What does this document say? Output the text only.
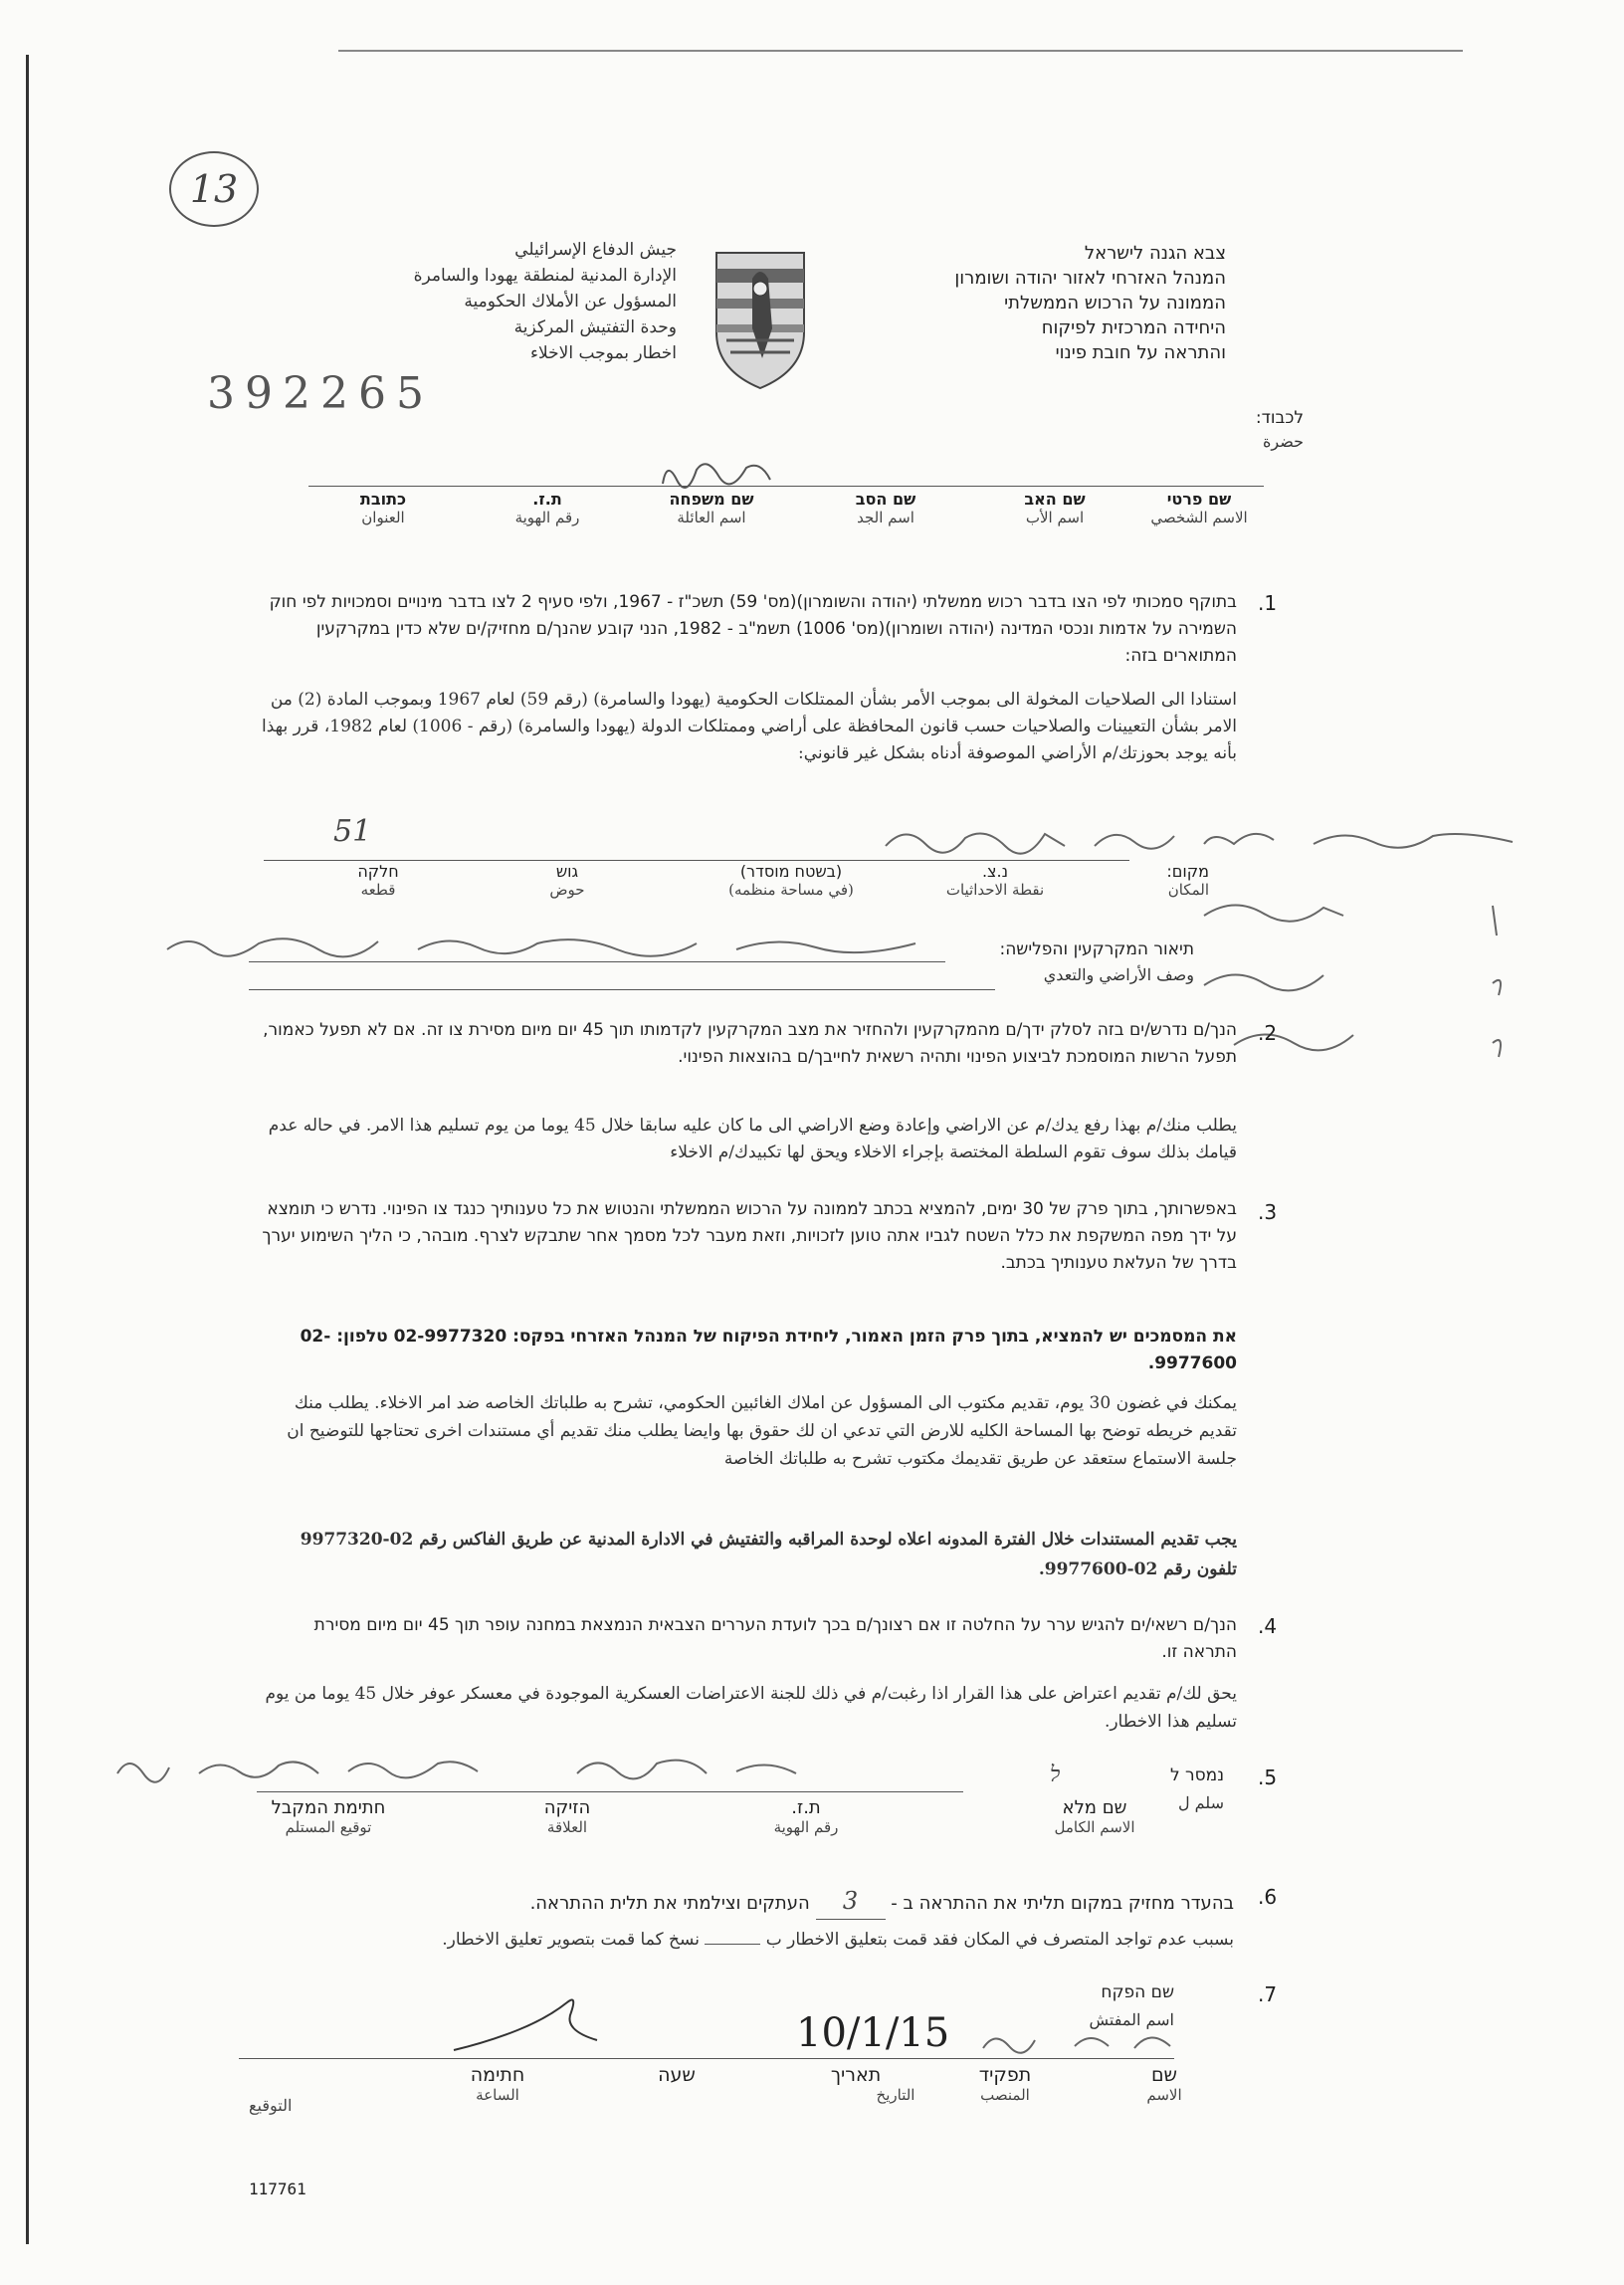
13
צבא הגנה לישראל
המנהל האזרחי לאזור יהודה ושומרון
הממונה על הרכוש הממשלתי
היחידה המרכזית לפיקוח
והתראה על חובת פינוי
جيش الدفاع الإسرائيلي
الإدارة المدنية لمنطقة يهودا والسامرة
المسؤول عن الأملاك الحكومية
وحدة التفتيش المركزية
اخطار بموجب الاخلاء
392265	לכבוד:
حضرة
שם פרטי
الاسم الشخصي
שם האב
اسم الأب
שם הסב
اسم الجد
שם משפחה
اسم العائلة
ת.ז.
رقم الهوية
כתובת
العنوان
.1
בתוקף סמכותי לפי הצו בדבר רכוש ממשלתי (יהודה והשומרון)(מס' 59) תשכ"ז - 1967, ולפי סעיף 2 לצו בדבר מינויים וסמכויות לפי חוק השמירה על אדמות ונכסי המדינה (יהודה ושומרון)(מס' 1006) תשמ"ב - 1982, הנני קובע שהנך/ם מחזיק/ים שלא כדין במקרקעין המתוארים בזה:
استنادا الى الصلاحيات المخولة الى بموجب الأمر بشأن الممتلكات الحكومية (يهودا والسامرة) (رقم 59) لعام 1967 وبموجب المادة (2) من الامر بشأن التعيينات والصلاحيات حسب قانون المحافظة على أراضي وممتلكات الدولة (يهودا والسامرة) (رقم - 1006) لعام 1982، قرر بهذا بأنه يوجد بحوزتك/م الأراضي الموصوفة أدناه بشكل غير قانوني:
51
מקום:
المكان
נ.צ.
نقطة الاحداثيات
(בשטח מוסדר)
(في مساحة منظمه)
גוש
حوض
חלקה
قطعه
תיאור המקרקעין והפלישה:
وصف الأراضي والتعدي
.2
הנך/ם נדרש/ים בזה לסלק ידך/ם מהמקרקעין ולהחזיר את מצב המקרקעין לקדמותו תוך 45 יום מיום מסירת צו זה. אם לא תפעל כאמור, תפעל הרשות המוסמכת לביצוע הפינוי ותהיה רשאית לחייבך/ם בהוצאות הפינוי.
يطلب منك/م بهذا رفع يدك/م عن الاراضي وإعادة وضع الاراضي الى ما كان عليه سابقا خلال 45 يوما من يوم تسليم هذا الامر. في حاله عدم قيامك بذلك سوف تقوم السلطة المختصة بإجراء الاخلاء ويحق لها تكبيدك/م الاخلاء
.3
באפשרותך, בתוך פרק של 30 ימים, להמציא בכתב לממונה על הרכוש הממשלתי והנטוש את כל טענותיך כנגד צו הפינוי. נדרש כי תומצא על ידך מפה המשקפת את כלל השטח לגביו אתה טוען לזכויות, וזאת מעבר לכל מסמך אחר שתבקש לצרף. מובהר, כי הליך השימוע יערך בדרך של העלאת טענותיך בכתב.
את המסמכים יש להמציא, בתוך פרק הזמן האמור, ליחידת הפיקוח של המנהל האזרחי בפקס: 02-9977320 טלפון: 02-9977600.
يمكنك في غضون 30 يوم، تقديم مكتوب الى المسؤول عن املاك الغائبين الحكومي، تشرح به طلباتك الخاصه ضد امر الاخلاء. يطلب منك تقديم خريطه توضح بها المساحة الكليه للارض التي تدعي ان لك حقوق بها وايضا يطلب منك تقديم أي مستندات اخرى تحتاجها للتوضيح ان جلسة الاستماع ستعقد عن طريق تقديمك مكتوب تشرح به طلباتك الخاصة
يجب تقديم المستندات خلال الفترة المدونه اعلاه لوحدة المراقبه والتفتيش في الادارة المدنية عن طريق الفاكس رقم 02-9977320 تلفون رقم 02-9977600.
.4
הנך/ם רשאי/ים להגיש ערר על החלטה זו אם רצונך/ם בכך לועדת העררים הצבאית הנמצאת במחנה עופר תוך 45 יום מיום מסירת התראה זו.
يحق لك/م تقديم اعتراض على هذا القرار اذا رغبت/م في ذلك للجنة الاعتراضات العسكرية الموجودة في معسكر عوفر خلال 45 يوما من يوم تسليم هذا الاخطار.
.5
נמסר ל
سلم ل
ל
שם מלא
الاسم الكامل
ת.ז.
رقم الهوية
הזיקה
العلاقة
חתימת המקבל
توقيع المستلم
.6
בהעדר מחזיק במקום תליתי את ההתראה ב - 3 העתקים וצילמתי את תלית ההתראה.
بسبب عدم تواجد المتصرف في المكان فقد قمت بتعليق الاخطار ب  نسخ كما قمت بتصوير تعليق الاخطار.
.7
שם הפקח
اسم المفتش
10/1/15
שם
الاسم
תפקיד
المنصب
תאריך
التاريخ
שעה
חתימה
الساعة
التوقيع
117761
